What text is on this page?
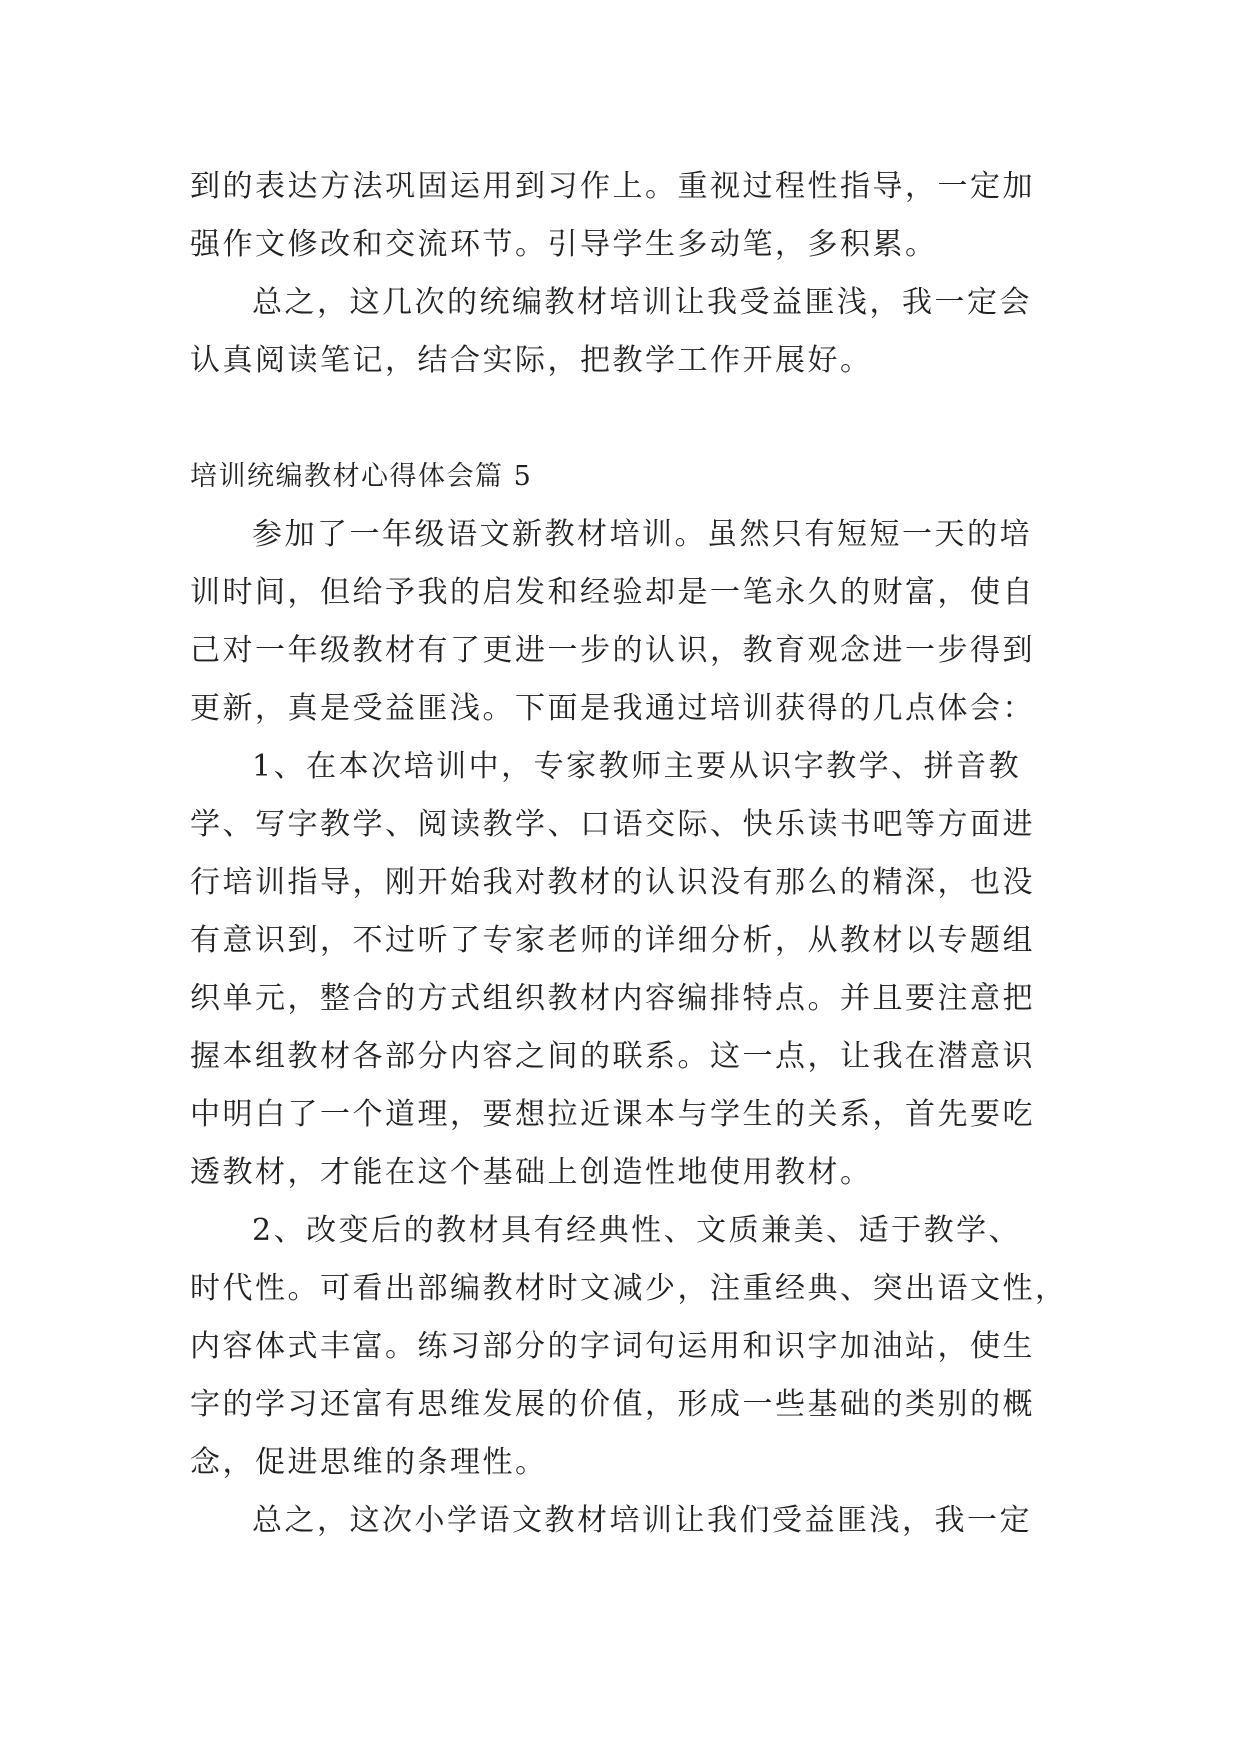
到的表达方法巩固运用到习作上。重视过程性指导，一定加
强作文修改和交流环节。引导学生多动笔，多积累。
总之，这几次的统编教材培训让我受益匪浅，我一定会
认真阅读笔记，结合实际，把教学工作开展好。
培训统编教材心得体会篇 5
参加了一年级语文新教材培训。虽然只有短短一天的培
训时间，但给予我的启发和经验却是一笔永久的财富，使自
己对一年级教材有了更进一步的认识，教育观念进一步得到
更新，真是受益匪浅。下面是我通过培训获得的几点体会：
1、在本次培训中，专家教师主要从识字教学、拼音教
学、写字教学、阅读教学、口语交际、快乐读书吧等方面进
行培训指导，刚开始我对教材的认识没有那么的精深，也没
有意识到，不过听了专家老师的详细分析，从教材以专题组
织单元，整合的方式组织教材内容编排特点。并且要注意把
握本组教材各部分内容之间的联系。这一点，让我在潜意识
中明白了一个道理，要想拉近课本与学生的关系，首先要吃
透教材，才能在这个基础上创造性地使用教材。
2、改变后的教材具有经典性、文质兼美、适于教学、
时代性。可看出部编教材时文减少，注重经典、突出语文性，
内容体式丰富。练习部分的字词句运用和识字加油站，使生
字的学习还富有思维发展的价值，形成一些基础的类别的概
念，促进思维的条理性。
总之，这次小学语文教材培训让我们受益匪浅，我一定
